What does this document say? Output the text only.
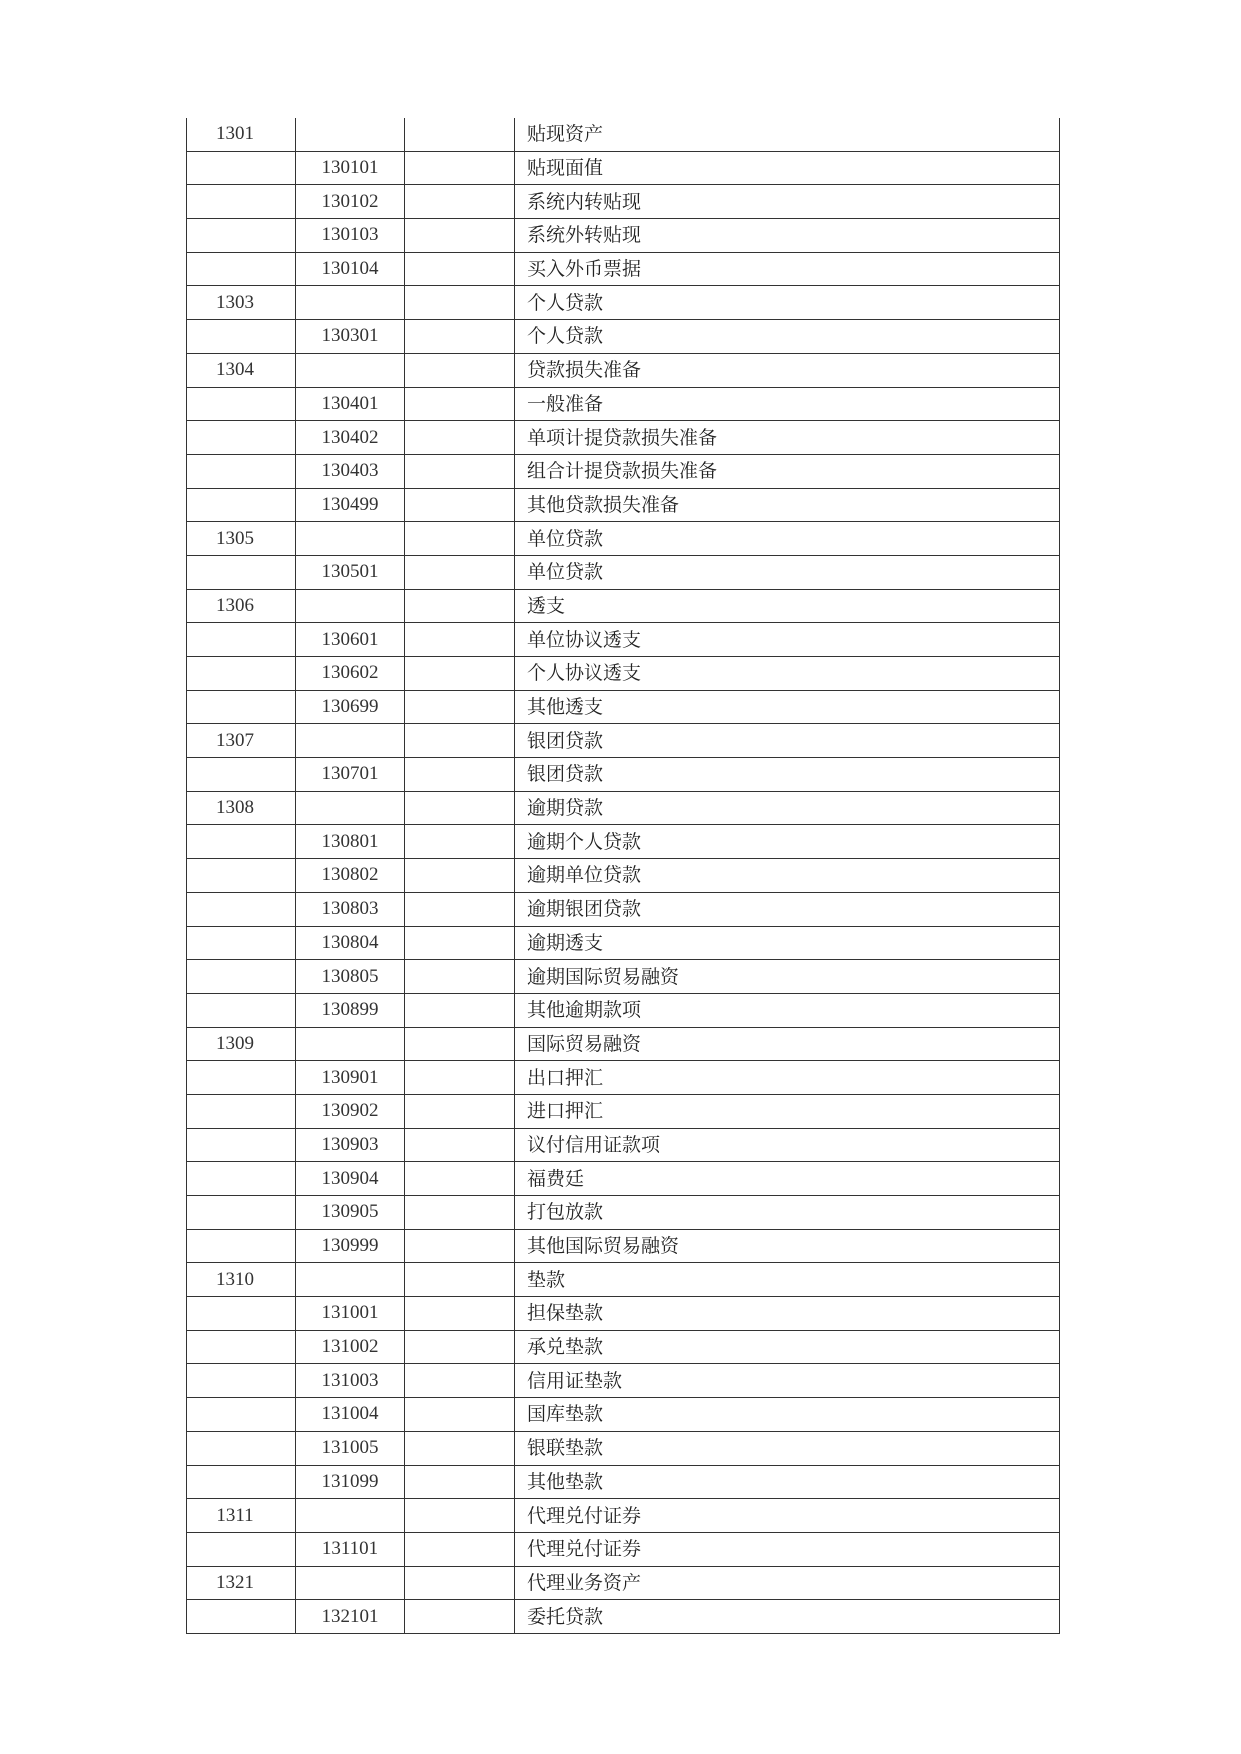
1301			贴现资产
	130101		贴现面值
	130102		系统内转贴现
	130103		系统外转贴现
	130104		买入外币票据
1303			个人贷款
	130301		个人贷款
1304			贷款损失准备
	130401		一般准备
	130402		单项计提贷款损失准备
	130403		组合计提贷款损失准备
	130499		其他贷款损失准备
1305			单位贷款
	130501		单位贷款
1306			透支
	130601		单位协议透支
	130602		个人协议透支
	130699		其他透支
1307			银团贷款
	130701		银团贷款
1308			逾期贷款
	130801		逾期个人贷款
	130802		逾期单位贷款
	130803		逾期银团贷款
	130804		逾期透支
	130805		逾期国际贸易融资
	130899		其他逾期款项
1309			国际贸易融资
	130901		出口押汇
	130902		进口押汇
	130903		议付信用证款项
	130904		福费廷
	130905		打包放款
	130999		其他国际贸易融资
1310			垫款
	131001		担保垫款
	131002		承兑垫款
	131003		信用证垫款
	131004		国库垫款
	131005		银联垫款
	131099		其他垫款
1311			代理兑付证券
	131101		代理兑付证券
1321			代理业务资产
	132101		委托贷款
